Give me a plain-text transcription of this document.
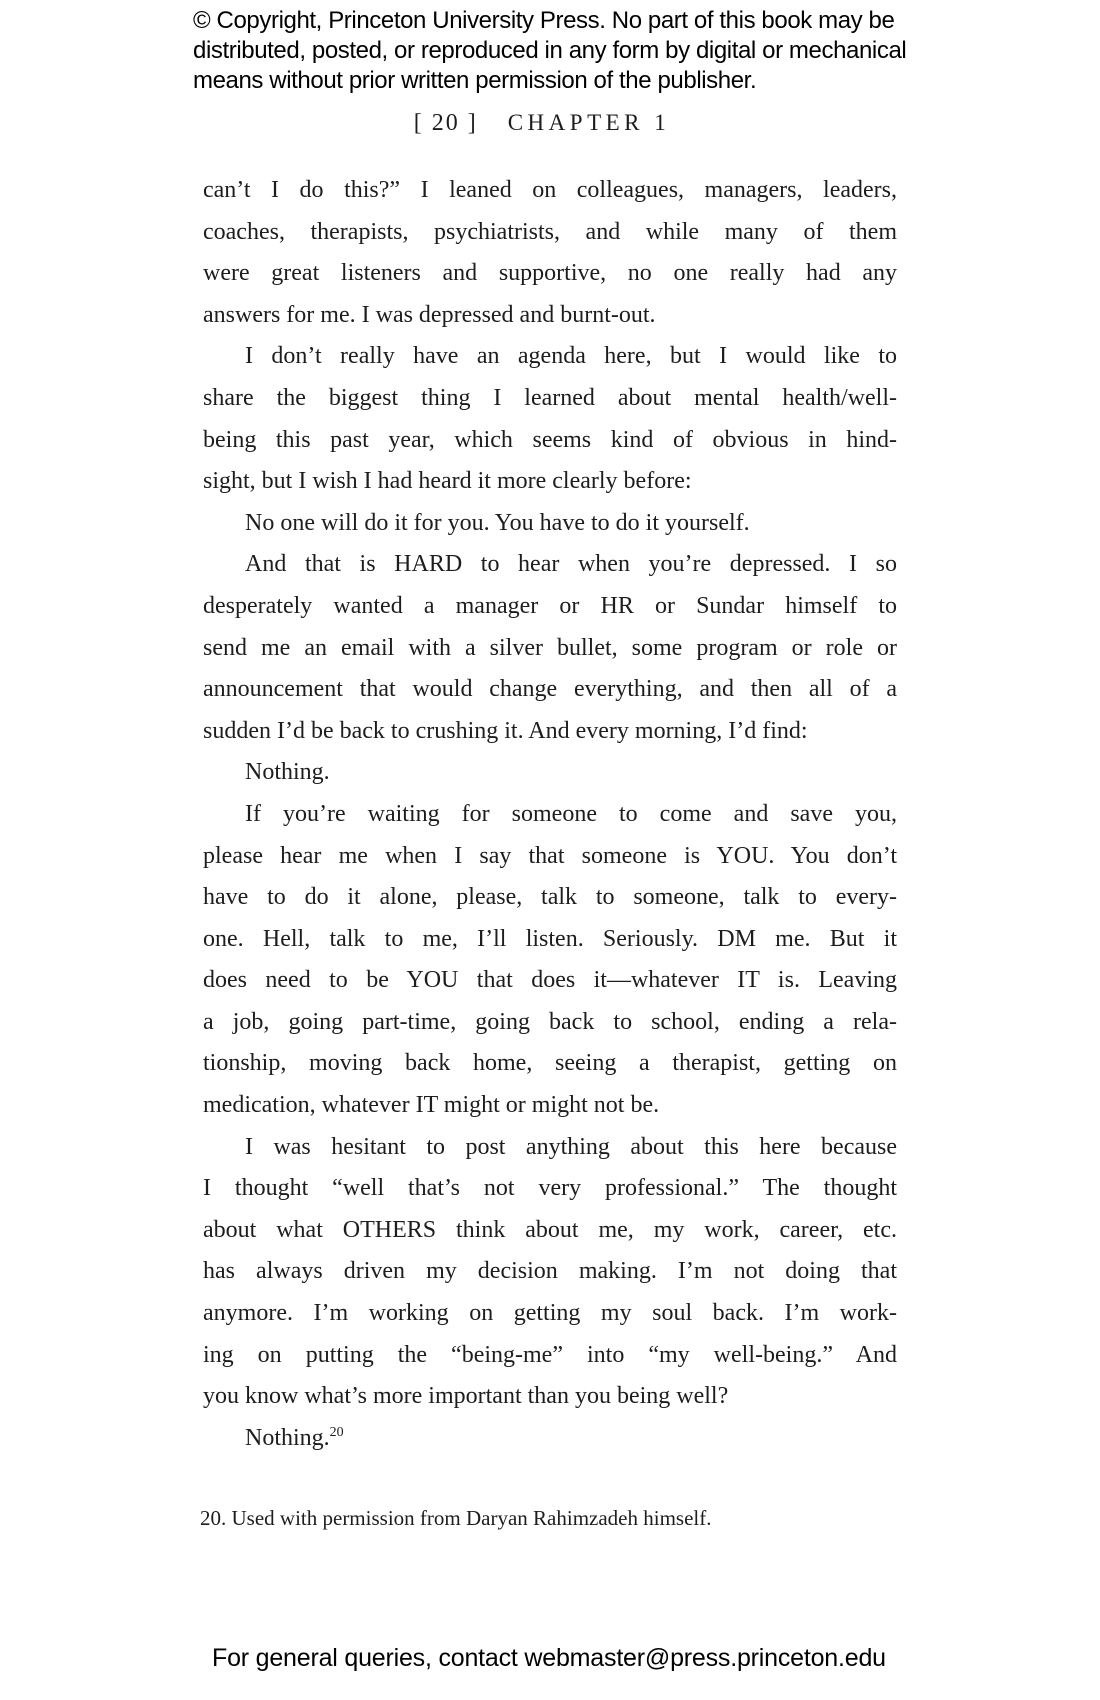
© Copyright, Princeton University Press. No part of this book may be
distributed, posted, or reproduced in any form by digital or mechanical
means without prior written permission of the publisher.
[ 20 ] CHAPTER 1
can’t I do this?” I leaned on colleagues, managers, leaders,
coaches, therapists, psychiatrists, and while many of them
were great listeners and supportive, no one really had any
answers for me. I was depressed and burnt-out.
I don’t really have an agenda here, but I would like to
share the biggest thing I learned about mental health/well-
being this past year, which seems kind of obvious in hind-
sight, but I wish I had heard it more clearly before:
No one will do it for you. You have to do it yourself.
And that is HARD to hear when you’re depressed. I so
desperately wanted a manager or HR or Sundar himself to
send me an email with a silver bullet, some program or role or
announcement that would change everything, and then all of a
sudden I’d be back to crushing it. And every morning, I’d find:
Nothing.
If you’re waiting for someone to come and save you,
please hear me when I say that someone is YOU. You don’t
have to do it alone, please, talk to someone, talk to every-
one. Hell, talk to me, I’ll listen. Seriously. DM me. But it
does need to be YOU that does it—whatever IT is. Leaving
a job, going part-time, going back to school, ending a rela-
tionship, moving back home, seeing a therapist, getting on
medication, whatever IT might or might not be.
I was hesitant to post anything about this here because
I thought “well that’s not very professional.” The thought
about what OTHERS think about me, my work, career, etc.
has always driven my decision making. I’m not doing that
anymore. I’m working on getting my soul back. I’m work-
ing on putting the “being-me” into “my well-being.” And
you know what’s more important than you being well?
Nothing.$^{20}$
20. Used with permission from Daryan Rahimzadeh himself.
For general queries, contact webmaster@press.princeton.edu
